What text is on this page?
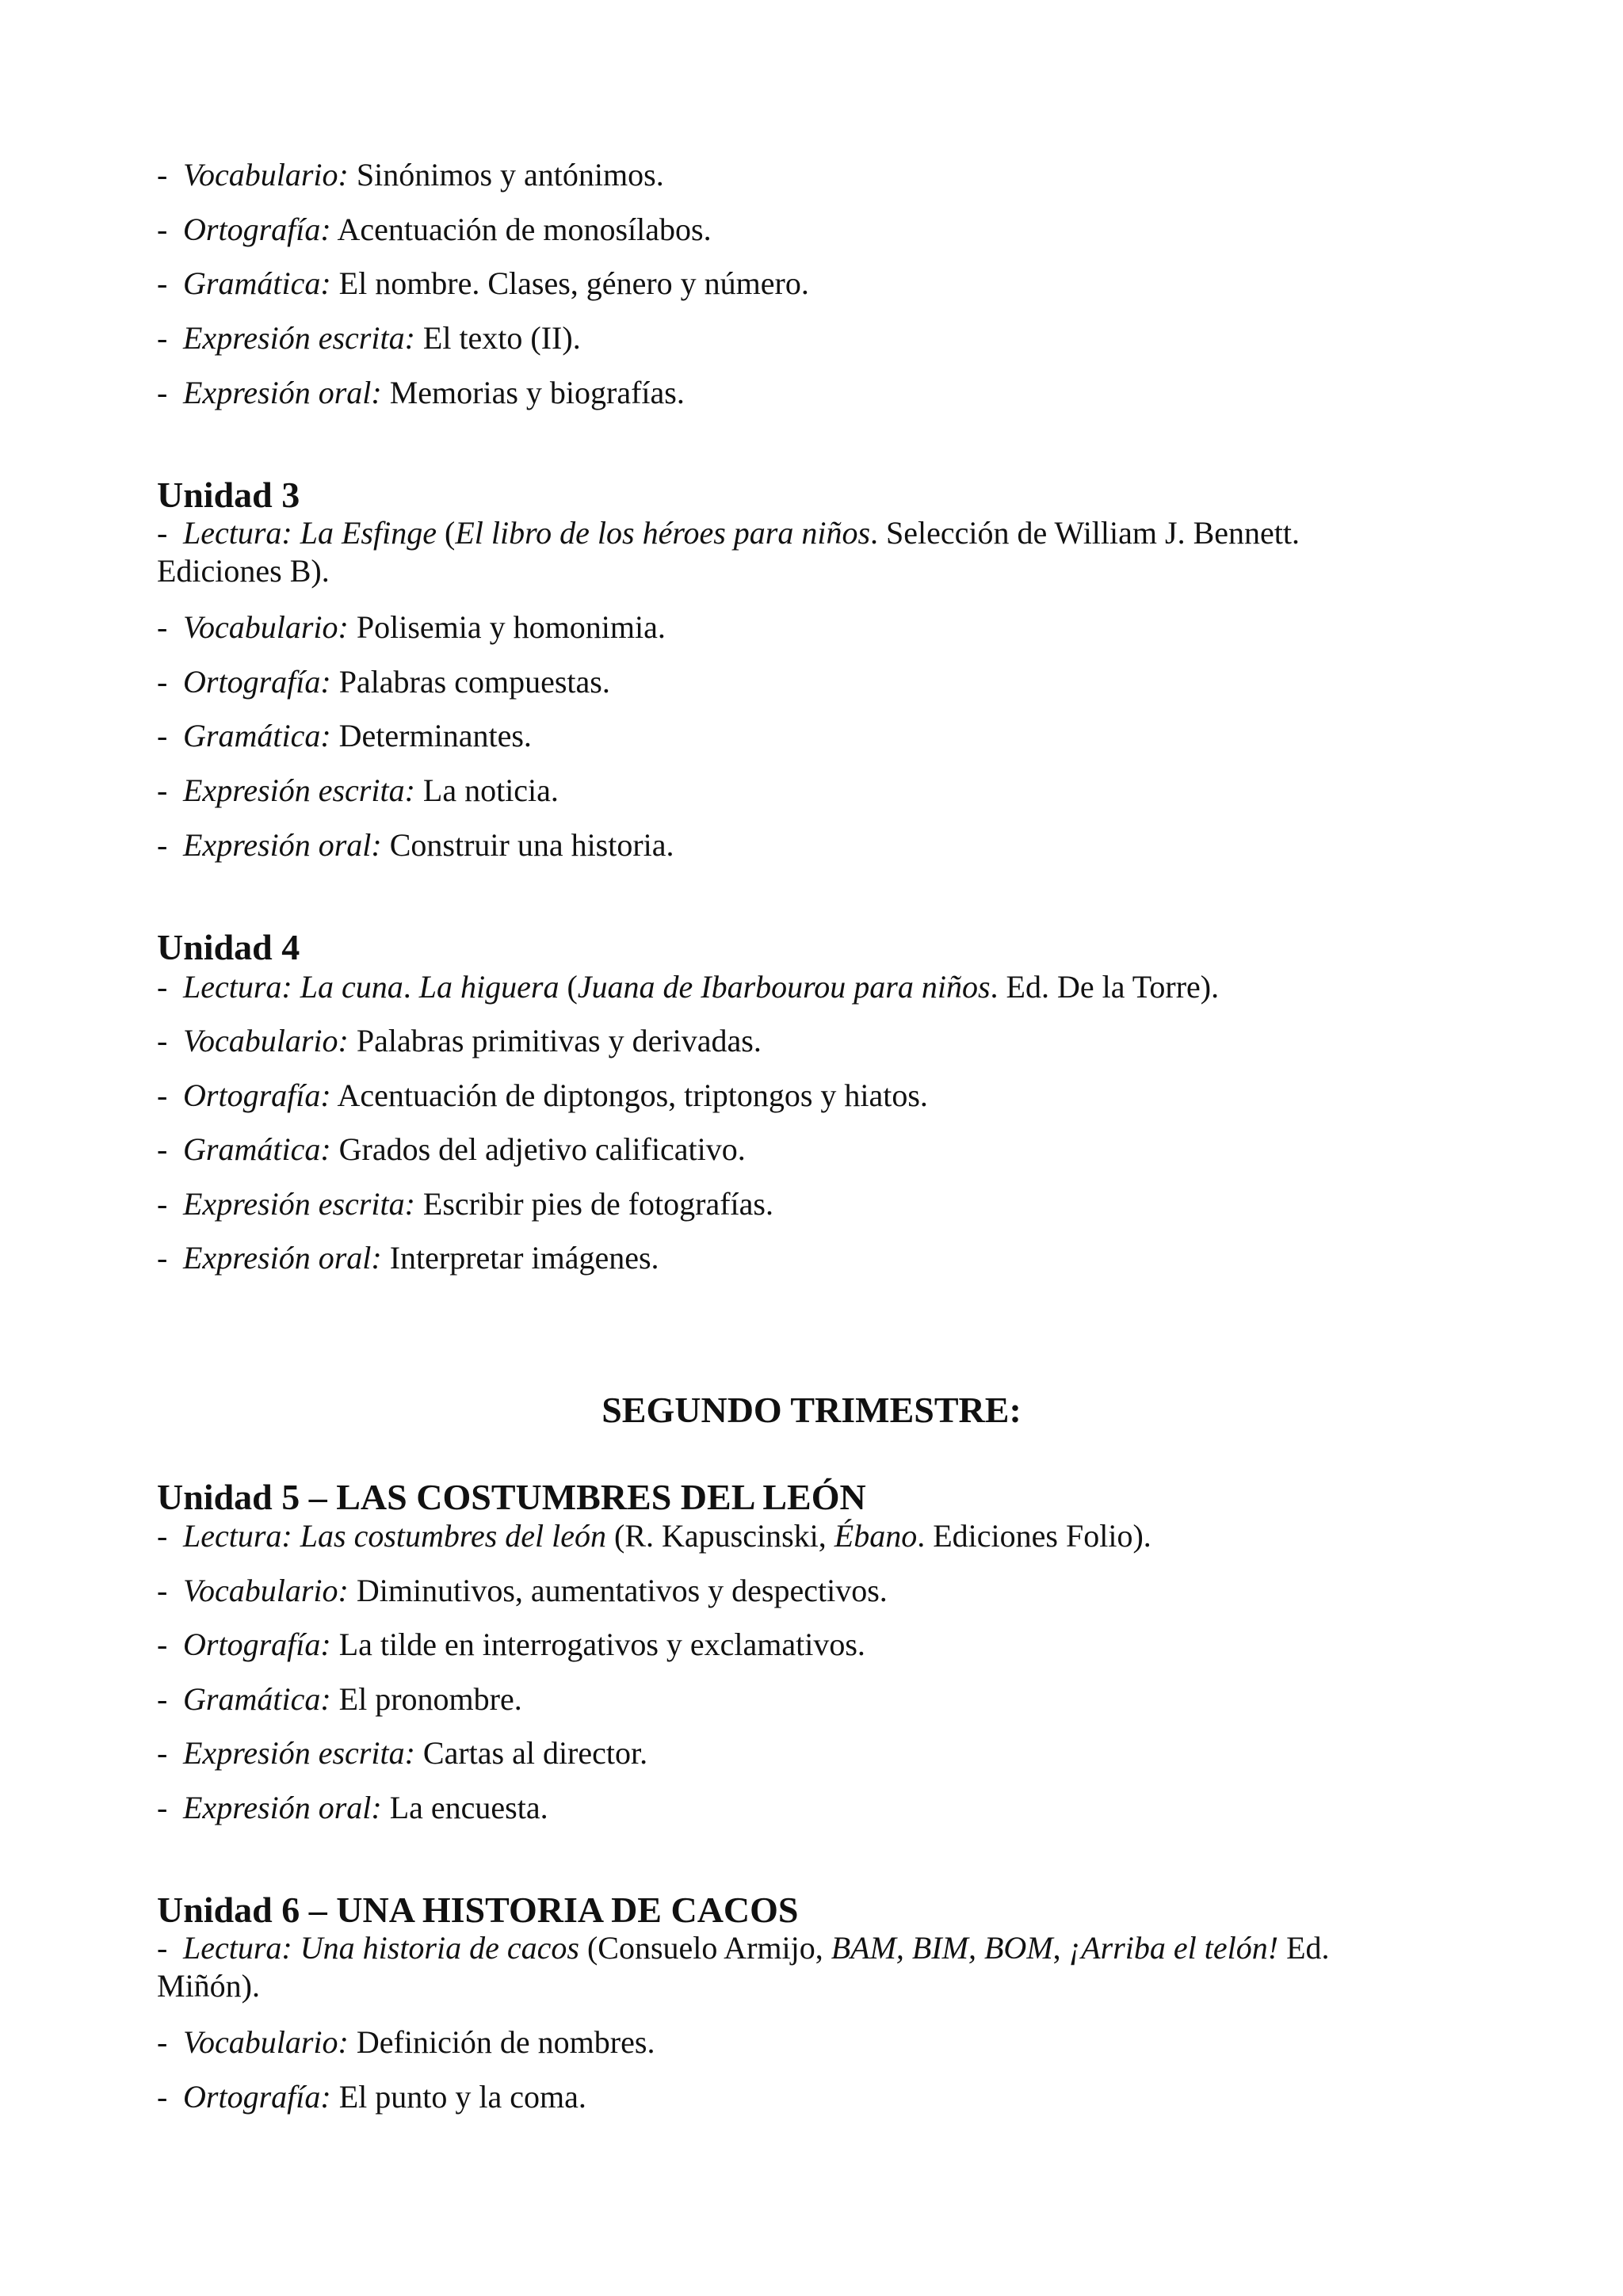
- Vocabulario: Sinónimos y antónimos.
- Ortografía: Acentuación de monosílabos.
- Gramática: El nombre. Clases, género y número.
- Expresión escrita: El texto (II).
- Expresión oral: Memorias y biografías.
Unidad 3
- Lectura: La Esfinge (El libro de los héroes para niños. Selección de William J. Bennett. Ediciones B).
- Vocabulario: Polisemia y homonimia.
- Ortografía: Palabras compuestas.
- Gramática: Determinantes.
- Expresión escrita: La noticia.
- Expresión oral: Construir una historia.
Unidad 4
- Lectura: La cuna. La higuera (Juana de Ibarbourou para niños. Ed. De la Torre).
- Vocabulario: Palabras primitivas y derivadas.
- Ortografía: Acentuación de diptongos, triptongos y hiatos.
- Gramática: Grados del adjetivo calificativo.
- Expresión escrita: Escribir pies de fotografías.
- Expresión oral: Interpretar imágenes.
SEGUNDO TRIMESTRE:
Unidad 5 – LAS COSTUMBRES DEL LEÓN
- Lectura: Las costumbres del león (R. Kapuscinski, Ébano. Ediciones Folio).
- Vocabulario: Diminutivos, aumentativos y despectivos.
- Ortografía: La tilde en interrogativos y exclamativos.
- Gramática: El pronombre.
- Expresión escrita: Cartas al director.
- Expresión oral: La encuesta.
Unidad 6 – UNA HISTORIA DE CACOS
- Lectura: Una historia de cacos (Consuelo Armijo, BAM, BIM, BOM, ¡Arriba el telón! Ed. Miñón).
- Vocabulario: Definición de nombres.
- Ortografía: El punto y la coma.
